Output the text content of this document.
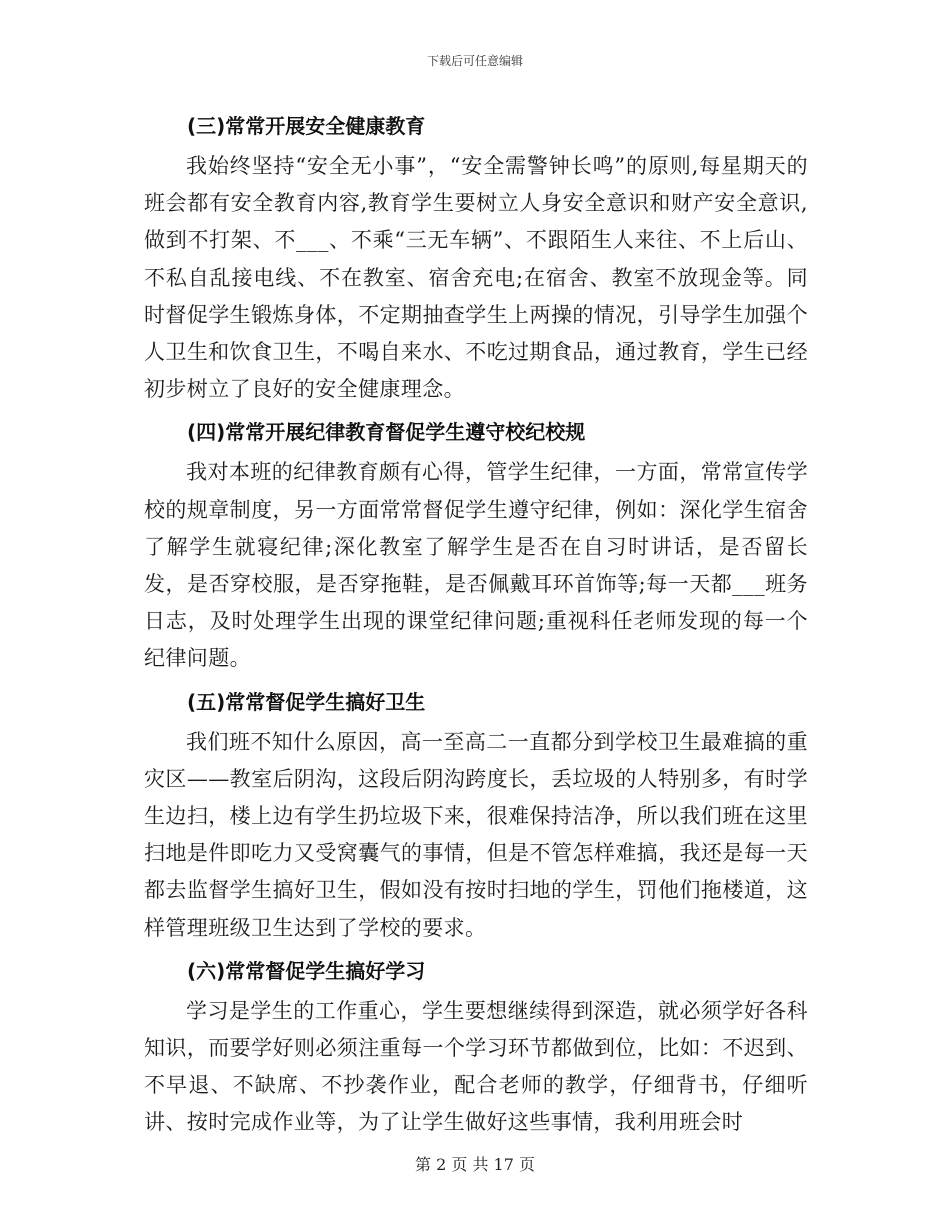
下载后可任意编辑

(三)常常开展安全健康教育

我始终坚持“安全无小事”，“安全需警钟长鸣”的原则,每星期天的班会都有安全教育内容,教育学生要树立人身安全意识和财产安全意识,做到不打架、不___、不乘“三无车辆”、不跟陌生人来往、不上后山、不私自乱接电线、不在教室、宿舍充电;在宿舍、教室不放现金等。同时督促学生锻炼身体，不定期抽查学生上两操的情况，引导学生加强个人卫生和饮食卫生，不喝自来水、不吃过期食品，通过教育，学生已经初步树立了良好的安全健康理念。

(四)常常开展纪律教育督促学生遵守校纪校规

我对本班的纪律教育颇有心得，管学生纪律，一方面，常常宣传学校的规章制度，另一方面常常督促学生遵守纪律，例如：深化学生宿舍了解学生就寝纪律;深化教室了解学生是否在自习时讲话，是否留长发，是否穿校服，是否穿拖鞋，是否佩戴耳环首饰等;每一天都___班务日志，及时处理学生出现的课堂纪律问题;重视科任老师发现的每一个纪律问题。

(五)常常督促学生搞好卫生

我们班不知什么原因，高一至高二一直都分到学校卫生最难搞的重灾区——教室后阴沟，这段后阴沟跨度长，丢垃圾的人特别多，有时学生边扫，楼上边有学生扔垃圾下来，很难保持洁净，所以我们班在这里扫地是件即吃力又受窝囊气的事情，但是不管怎样难搞，我还是每一天都去监督学生搞好卫生，假如没有按时扫地的学生，罚他们拖楼道，这样管理班级卫生达到了学校的要求。

(六)常常督促学生搞好学习

学习是学生的工作重心，学生要想继续得到深造，就必须学好各科知识，而要学好则必须注重每一个学习环节都做到位，比如：不迟到、不早退、不缺席、不抄袭作业，配合老师的教学，仔细背书，仔细听讲、按时完成作业等，为了让学生做好这些事情，我利用班会时

第 2 页 共 17 页
